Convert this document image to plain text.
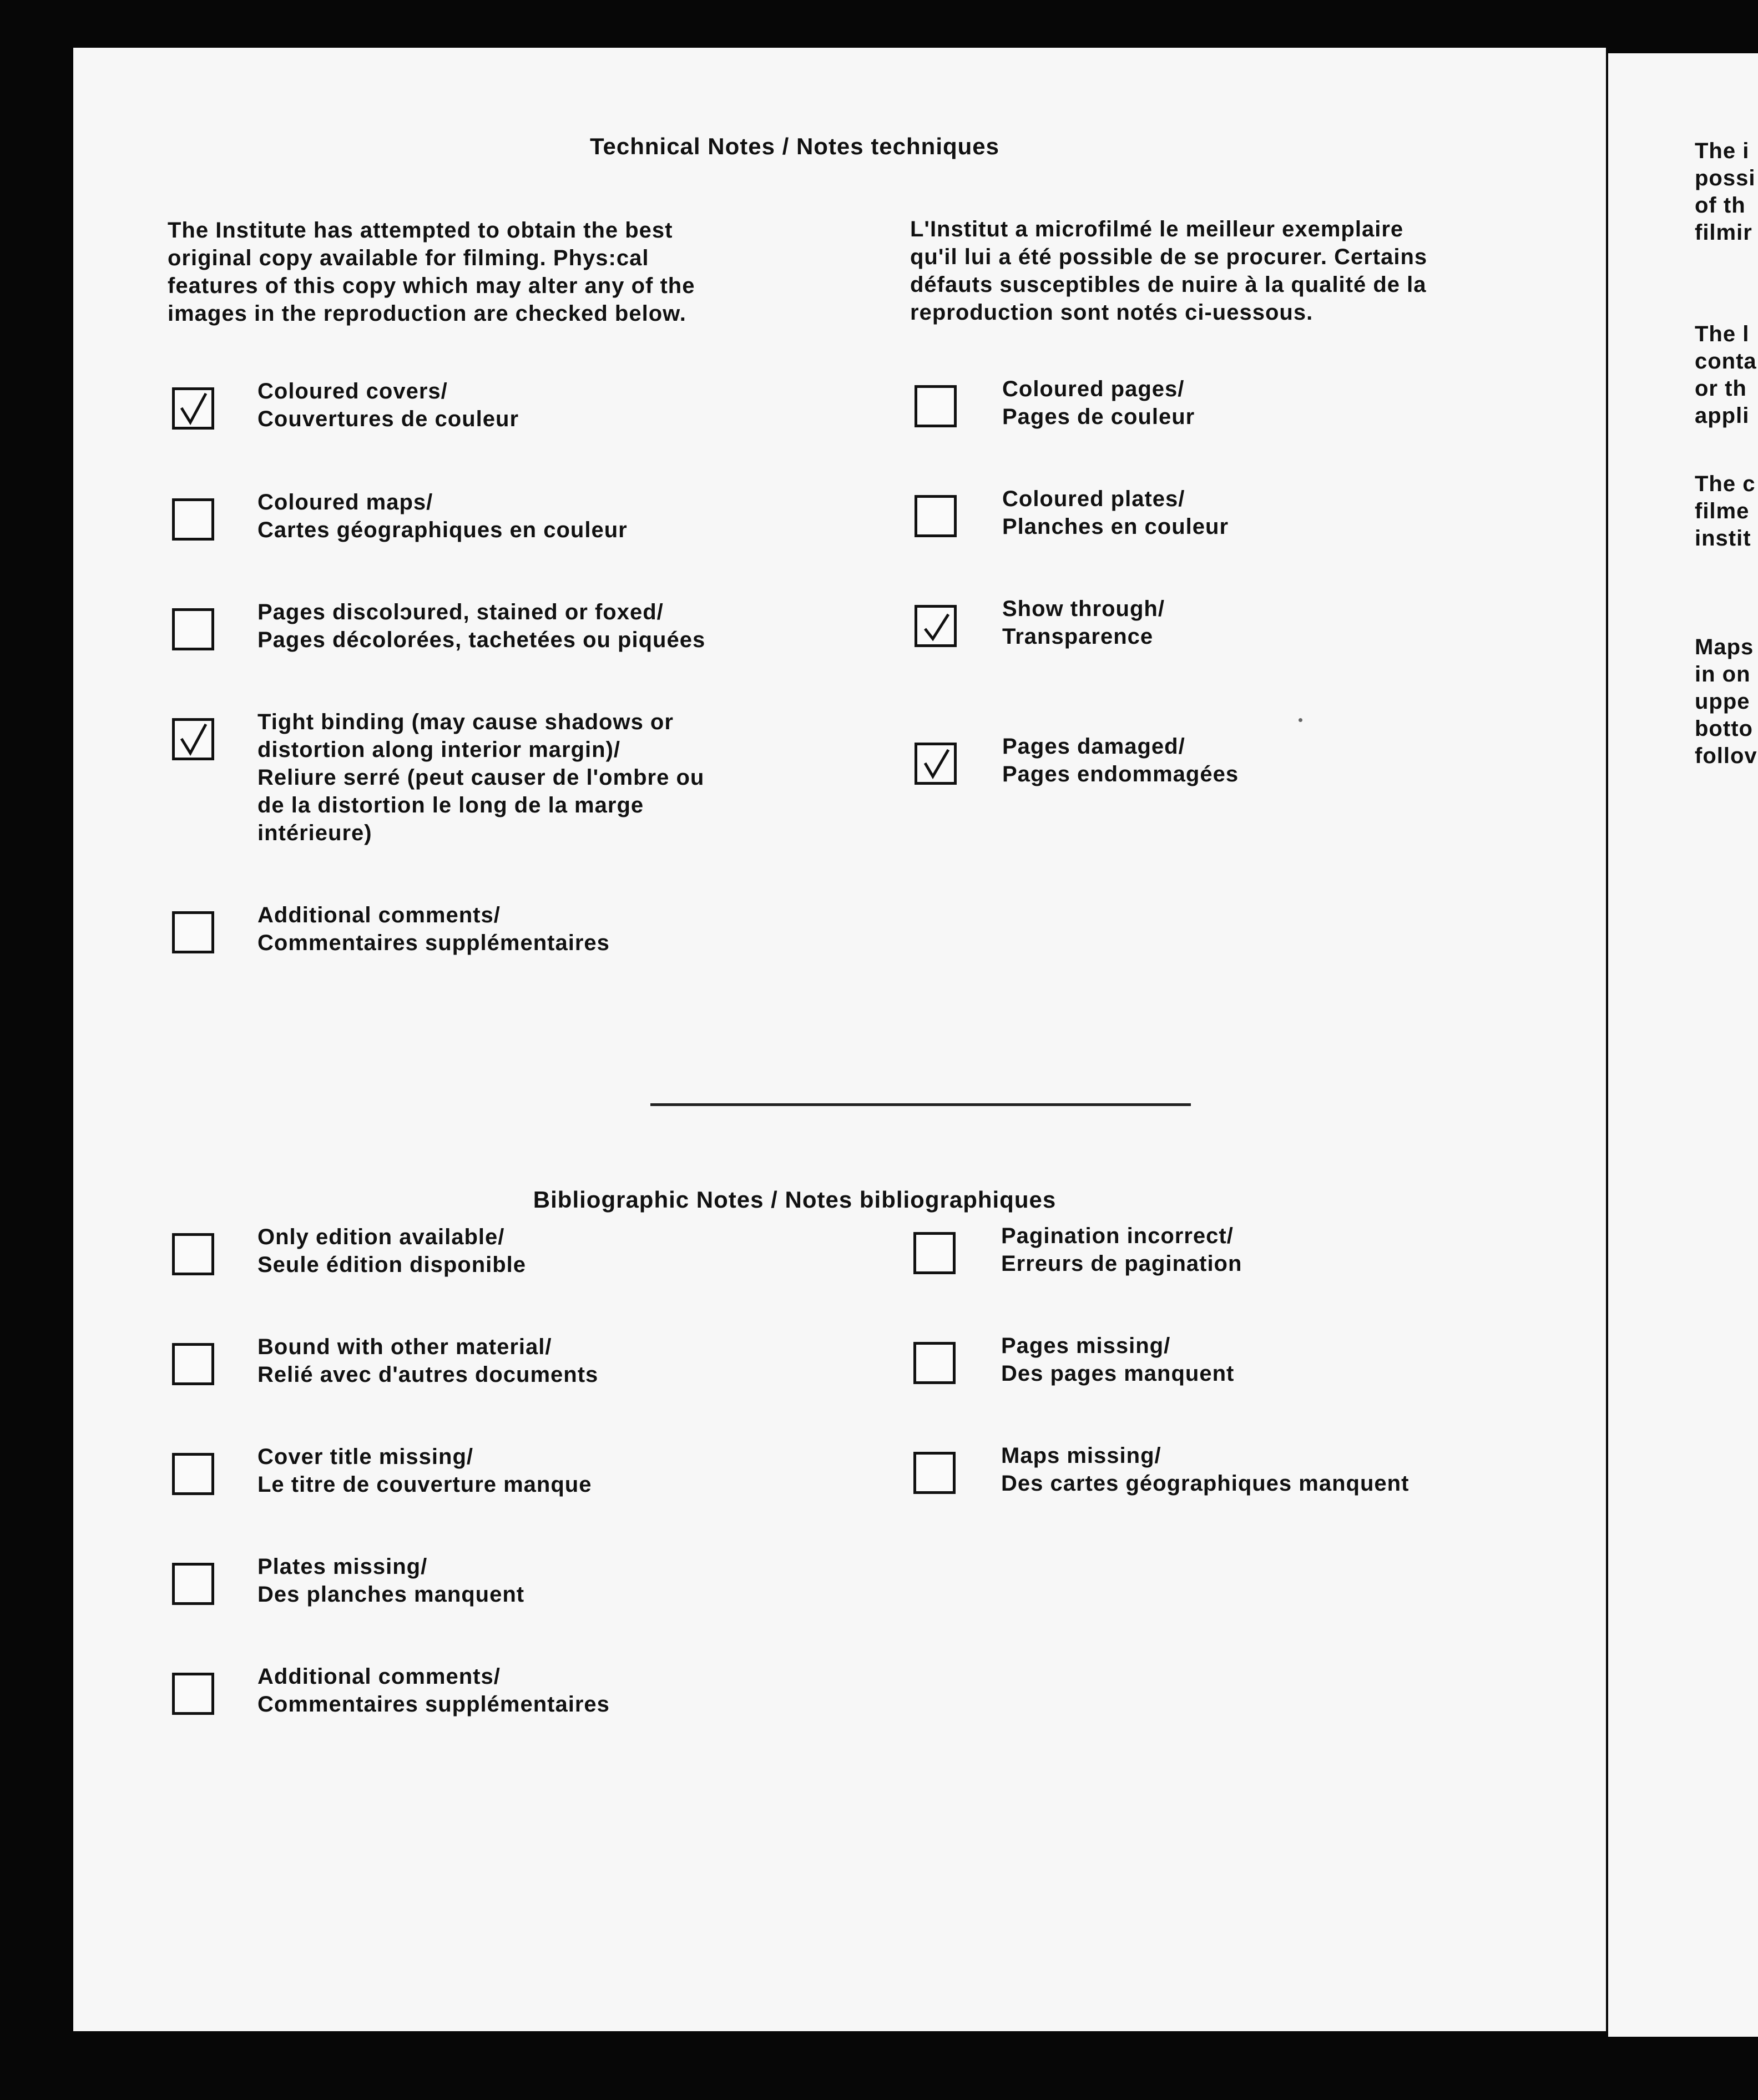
Technical Notes / Notes techniques
The Institute has attempted to obtain the best
original copy available for filming. Phys:cal
features of this copy which may alter any of the
images in the reproduction are checked below.
L'Institut a microfilmé le meilleur exemplaire
qu'il lui a été possible de se procurer. Certains
défauts susceptibles de nuire à la qualité de la
reproduction sont notés ci-uessous.
Coloured covers/
Couvertures de couleur
Coloured maps/
Cartes géographiques en couleur
Pages discolɔured, stained or foxed/
Pages décolorées, tachetées ou piquées
Tight binding (may cause shadows or
distortion along interior margin)/
Reliure serré (peut causer de l'ombre ou
de la distortion le long de la marge
intérieure)
Additional comments/
Commentaires supplémentaires
Coloured pages/
Pages de couleur
Coloured plates/
Planches en couleur
Show through/
Transparence
Pages damaged/
Pages endommagées
Bibliographic Notes / Notes bibliographiques
Only edition available/
Seule édition disponible
Bound with other material/
Relié avec d'autres documents
Cover title missing/
Le titre de couverture manque
Plates missing/
Des planches manquent
Additional comments/
Commentaires supplémentaires
Pagination incorrect/
Erreurs de pagination
Pages missing/
Des pages manquent
Maps missing/
Des cartes géographiques manquent
The i
possi
of th
filmir
The l
conta
or th
appli
The c
filme
instit
Maps
in on
uppe
botto
follov
